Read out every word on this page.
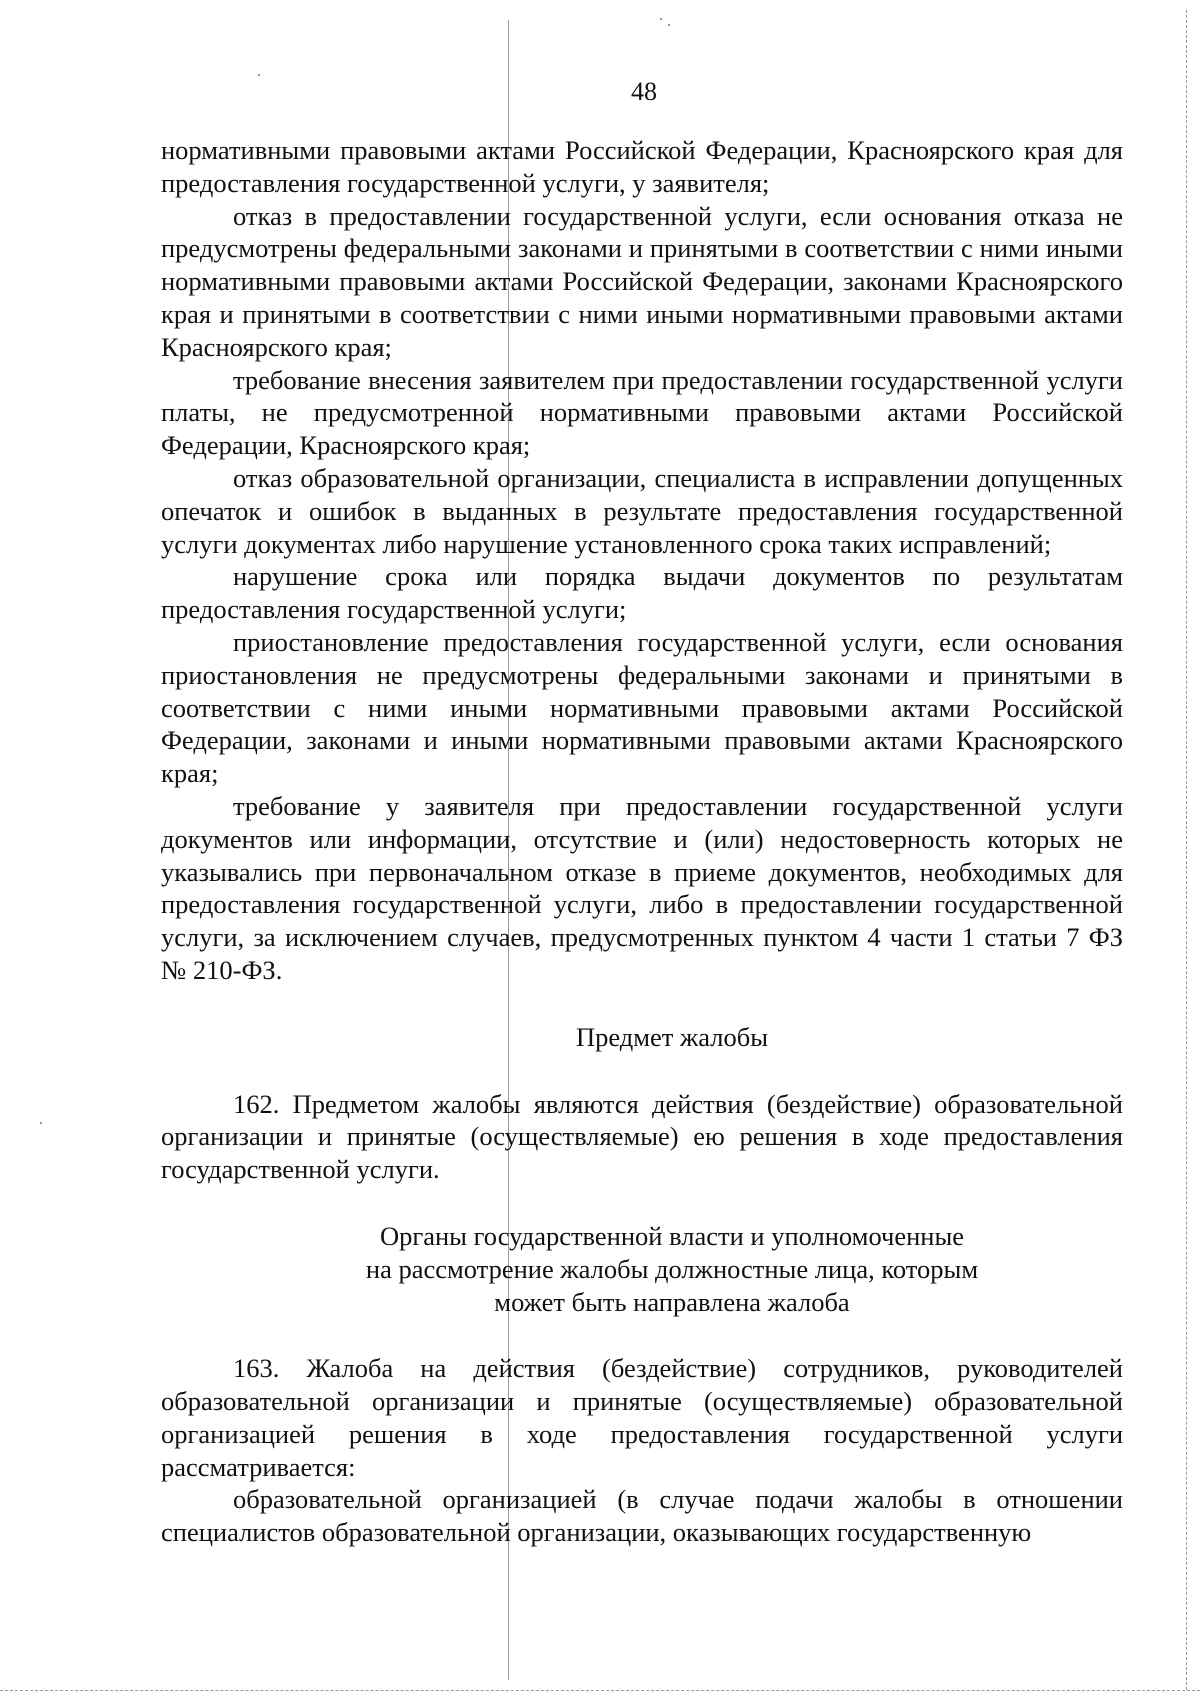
48

нормативными правовыми актами Российской Федерации, Красноярского края для предоставления государственной услуги, у заявителя;

отказ в предоставлении государственной услуги, если основания отказа не предусмотрены федеральными законами и принятыми в соответствии с ними иными нормативными правовыми актами Российской Федерации, законами Красноярского края и принятыми в соответствии с ними иными нормативными правовыми актами Красноярского края;

требование внесения заявителем при предоставлении государственной услуги платы, не предусмотренной нормативными правовыми актами Российской Федерации, Красноярского края;

отказ образовательной организации, специалиста в исправлении допущенных опечаток и ошибок в выданных в результате предоставления государственной услуги документах либо нарушение установленного срока таких исправлений;

нарушение срока или порядка выдачи документов по результатам предоставления государственной услуги;

приостановление предоставления государственной услуги, если основания приостановления не предусмотрены федеральными законами и принятыми в соответствии с ними иными нормативными правовыми актами Российской Федерации, законами и иными нормативными правовыми актами Красноярского края;

требование у заявителя при предоставлении государственной услуги документов или информации, отсутствие и (или) недостоверность которых не указывались при первоначальном отказе в приеме документов, необходимых для предоставления государственной услуги, либо в предоставлении государственной услуги, за исключением случаев, предусмотренных пунктом 4 части 1 статьи 7 ФЗ № 210-ФЗ.

Предмет жалобы

162. Предметом жалобы являются действия (бездействие) образовательной организации и принятые (осуществляемые) ею решения в ходе предоставления государственной услуги.

Органы государственной власти и уполномоченные
на рассмотрение жалобы должностные лица, которым
может быть направлена жалоба

163. Жалоба на действия (бездействие) сотрудников, руководителей образовательной организации и принятые (осуществляемые) образовательной организацией решения в ходе предоставления государственной услуги рассматривается:

образовательной организацией (в случае подачи жалобы в отношении специалистов образовательной организации, оказывающих государственную
